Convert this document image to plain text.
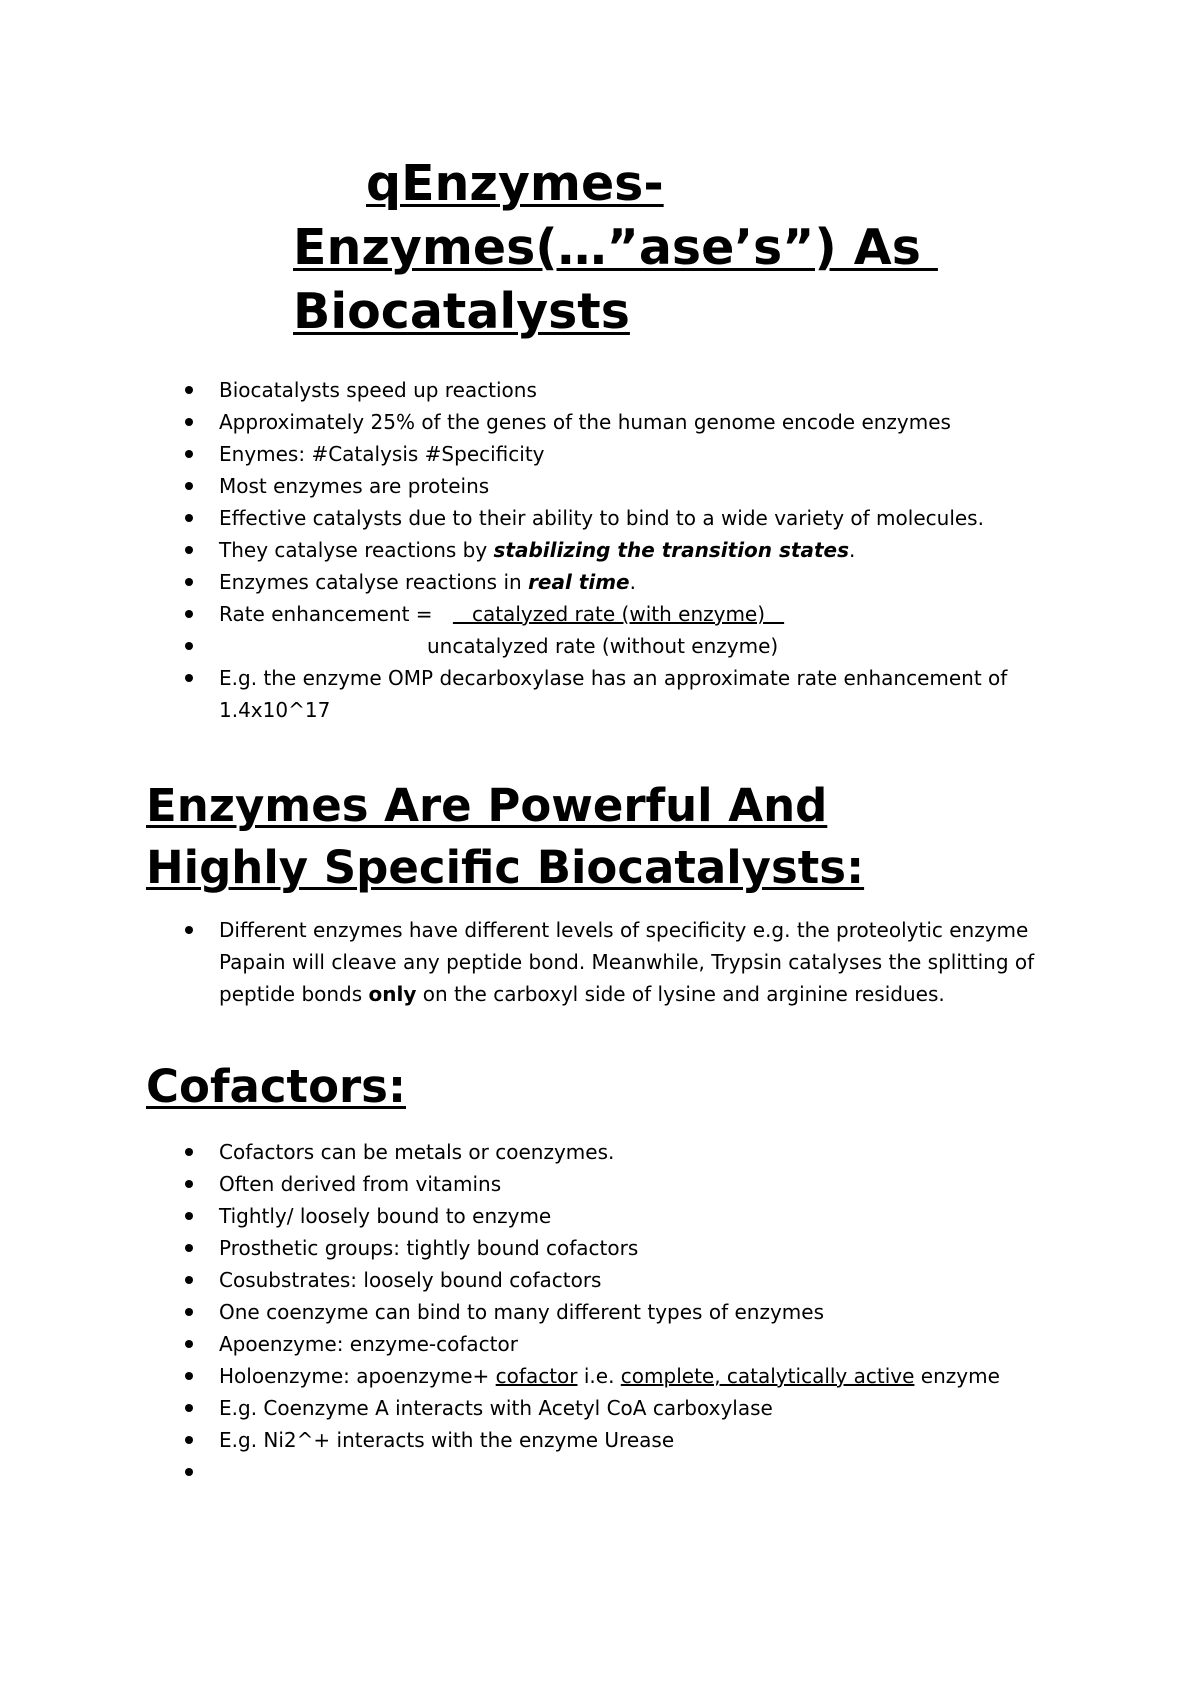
qEnzymes-
Enzymes(…”ase’s”) As
Biocatalysts
Biocatalysts speed up reactions
Approximately 25% of the genes of the human genome encode enzymes
Enymes: #Catalysis #Specificity
Most enzymes are proteins
Effective catalysts due to their ability to bind to a wide variety of molecules.
They catalyse reactions by stabilizing the transition states.
Enzymes catalyse reactions in real time.
Rate enhancement =    catalyzed rate (with enzyme)
uncatalyzed rate (without enzyme)
E.g. the enzyme OMP decarboxylase has an approximate rate enhancement of 1.4x10^17
Enzymes Are Powerful And
Highly Specific Biocatalysts:
Different enzymes have different levels of specificity e.g. the proteolytic enzyme Papain will cleave any peptide bond. Meanwhile, Trypsin catalyses the splitting of peptide bonds only on the carboxyl side of lysine and arginine residues.
Cofactors:
Cofactors can be metals or coenzymes.
Often derived from vitamins
Tightly/ loosely bound to enzyme
Prosthetic groups: tightly bound cofactors
Cosubstrates: loosely bound cofactors
One coenzyme can bind to many different types of enzymes
Apoenzyme: enzyme-cofactor
Holoenzyme: apoenzyme+ cofactor i.e. complete, catalytically active enzyme
E.g. Coenzyme A interacts with Acetyl CoA carboxylase
E.g. Ni2^+ interacts with the enzyme Urease
